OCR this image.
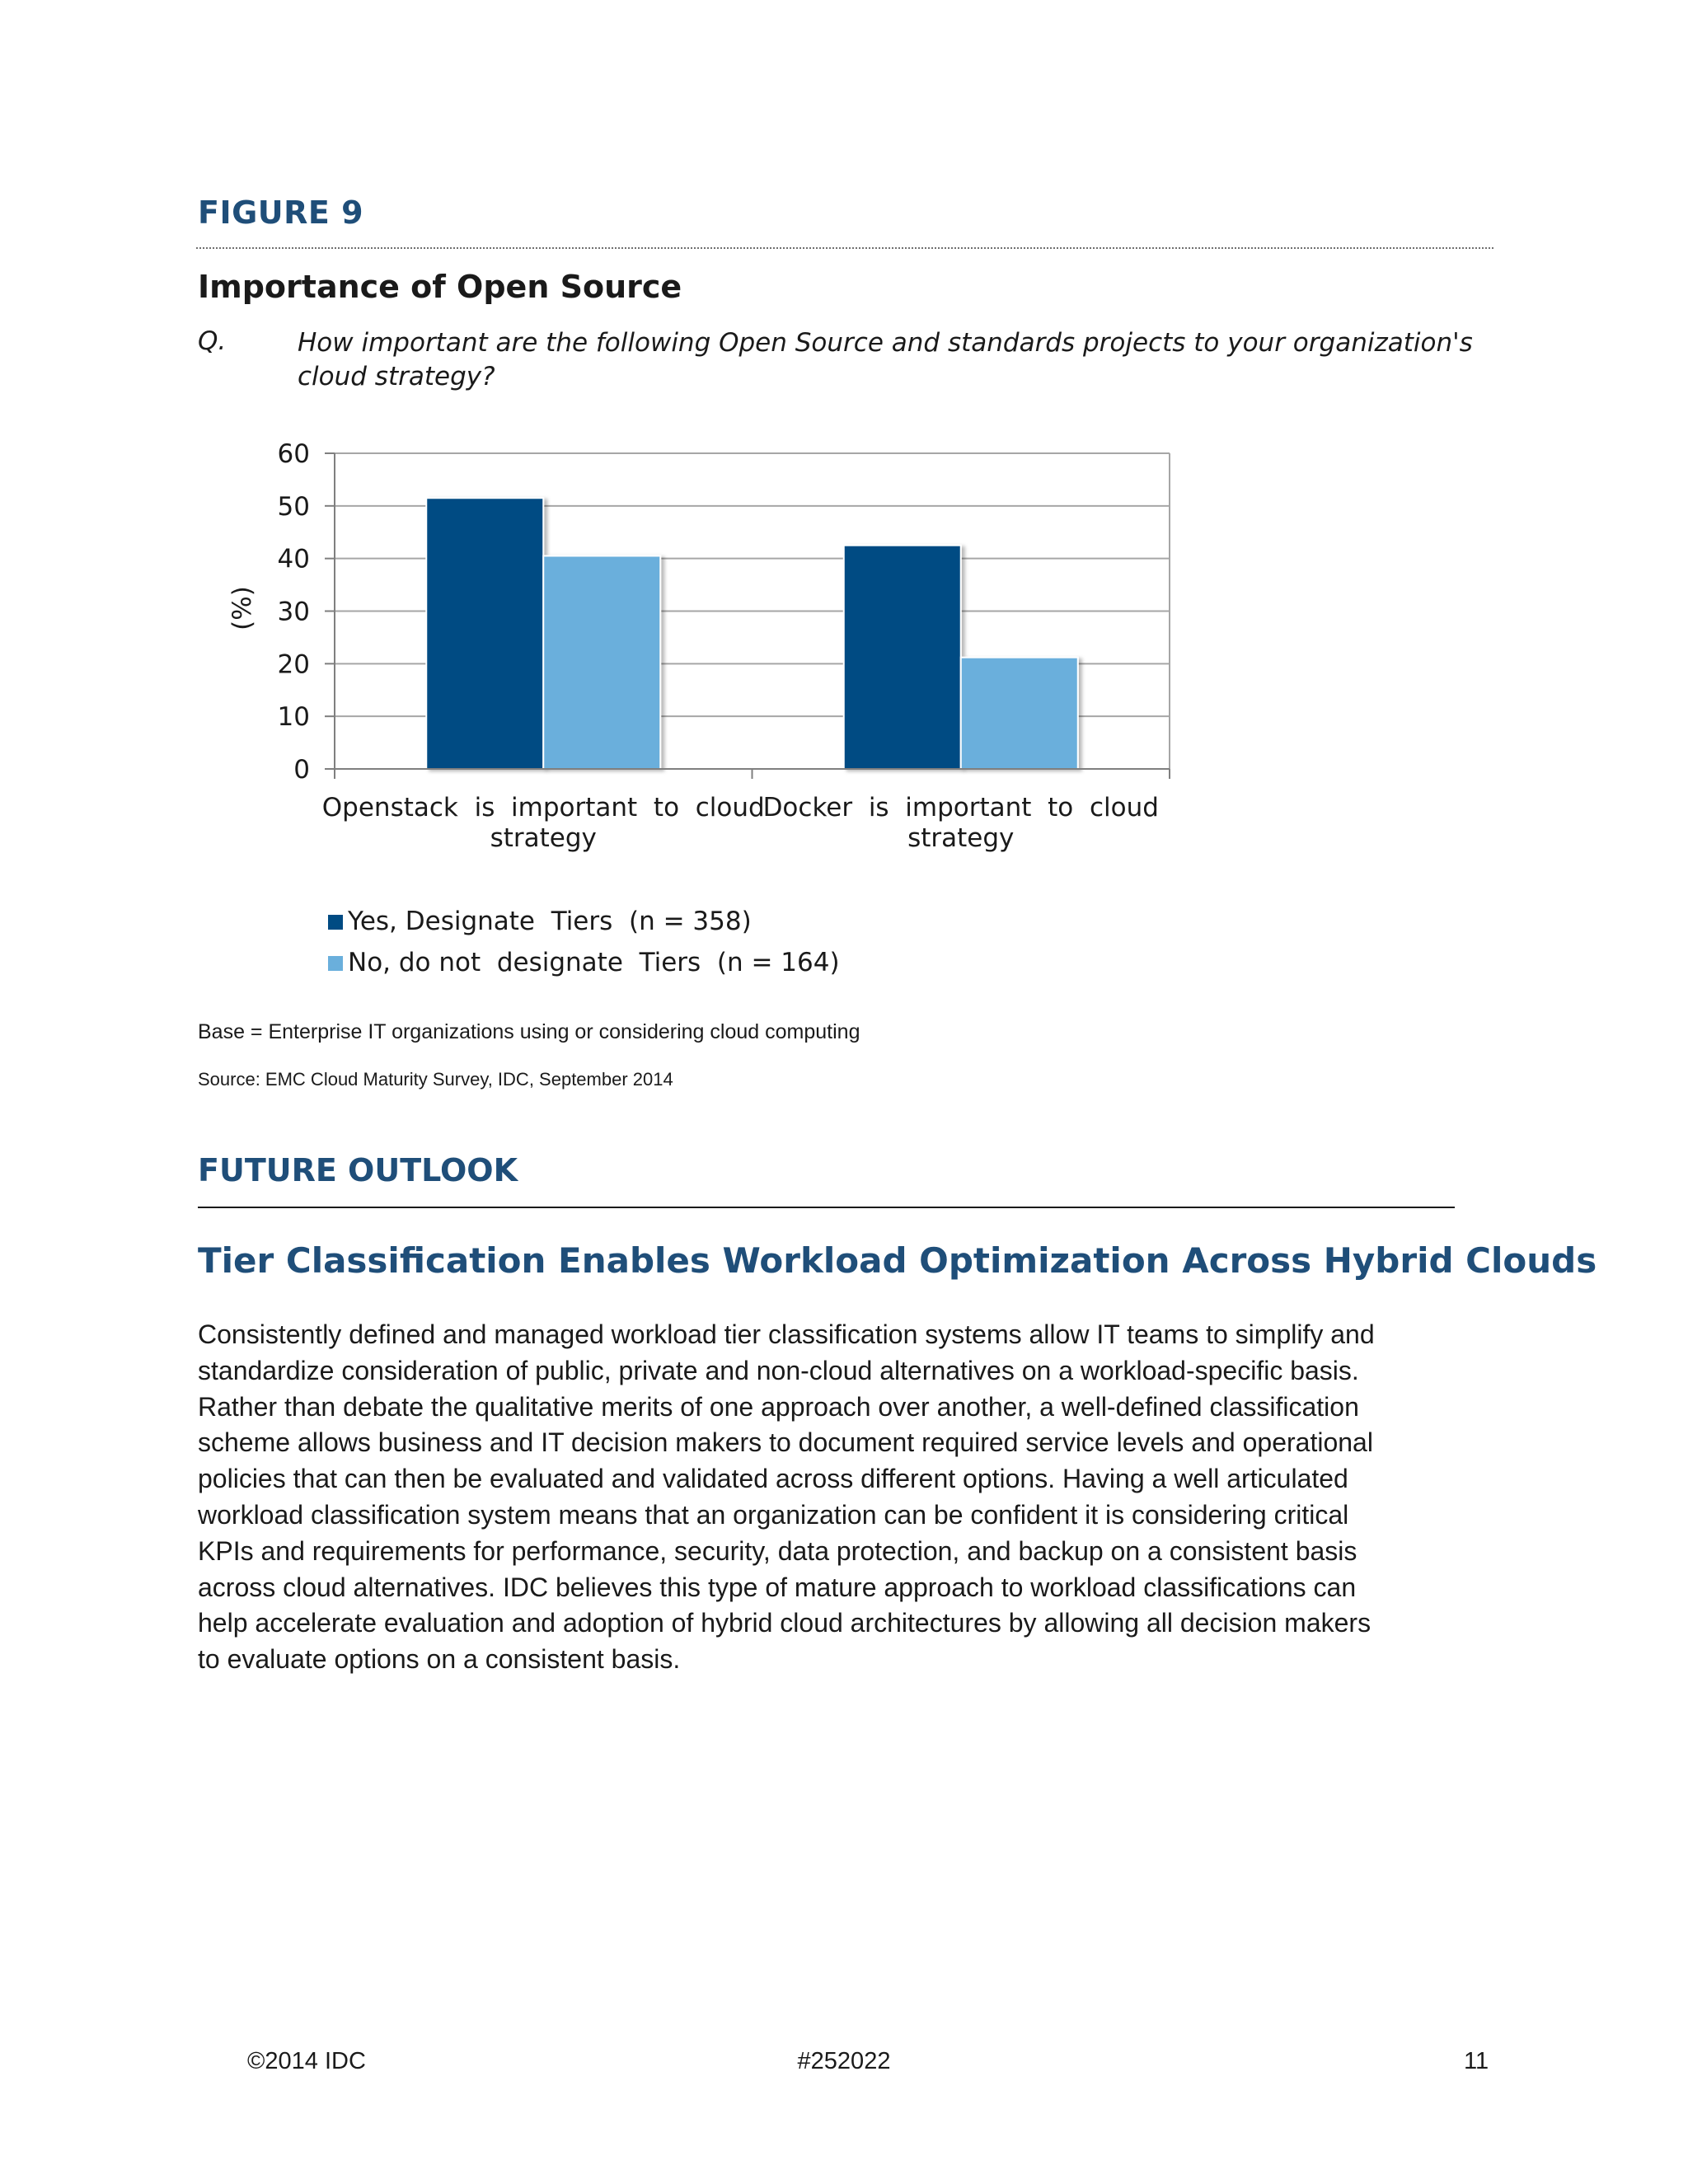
FIGURE 9
Importance of Open Source
Q.	How important are the following Open Source and standards projects to your organization's cloud strategy?
0
10
20
30
40
50
60
Openstack  is  important  to  cloud
strategy
Docker  is  important  to  cloud
strategy
(%)
Yes, Designate  Tiers  (n = 358)
No, do not  designate  Tiers  (n = 164)
Base = Enterprise IT organizations using or considering cloud computing
Source: EMC Cloud Maturity Survey, IDC, September 2014
FUTURE OUTLOOK
Tier Classification Enables Workload Optimization Across Hybrid Clouds
Consistently defined and managed workload tier classification systems allow IT teams to simplify and
standardize consideration of public, private and non-cloud alternatives on a workload-specific basis.
Rather than debate the qualitative merits of one approach over another, a well-defined classification
scheme allows business and IT decision makers to document required service levels and operational
policies that can then be evaluated and validated across different options. Having a well articulated
workload classification system means that an organization can be confident it is considering critical
KPIs and requirements for performance, security, data protection, and backup on a consistent basis
across cloud alternatives. IDC believes this type of mature approach to workload classifications can
help accelerate evaluation and adoption of hybrid cloud architectures by allowing all decision makers
to evaluate options on a consistent basis.
©2014 IDC	#252022	11
